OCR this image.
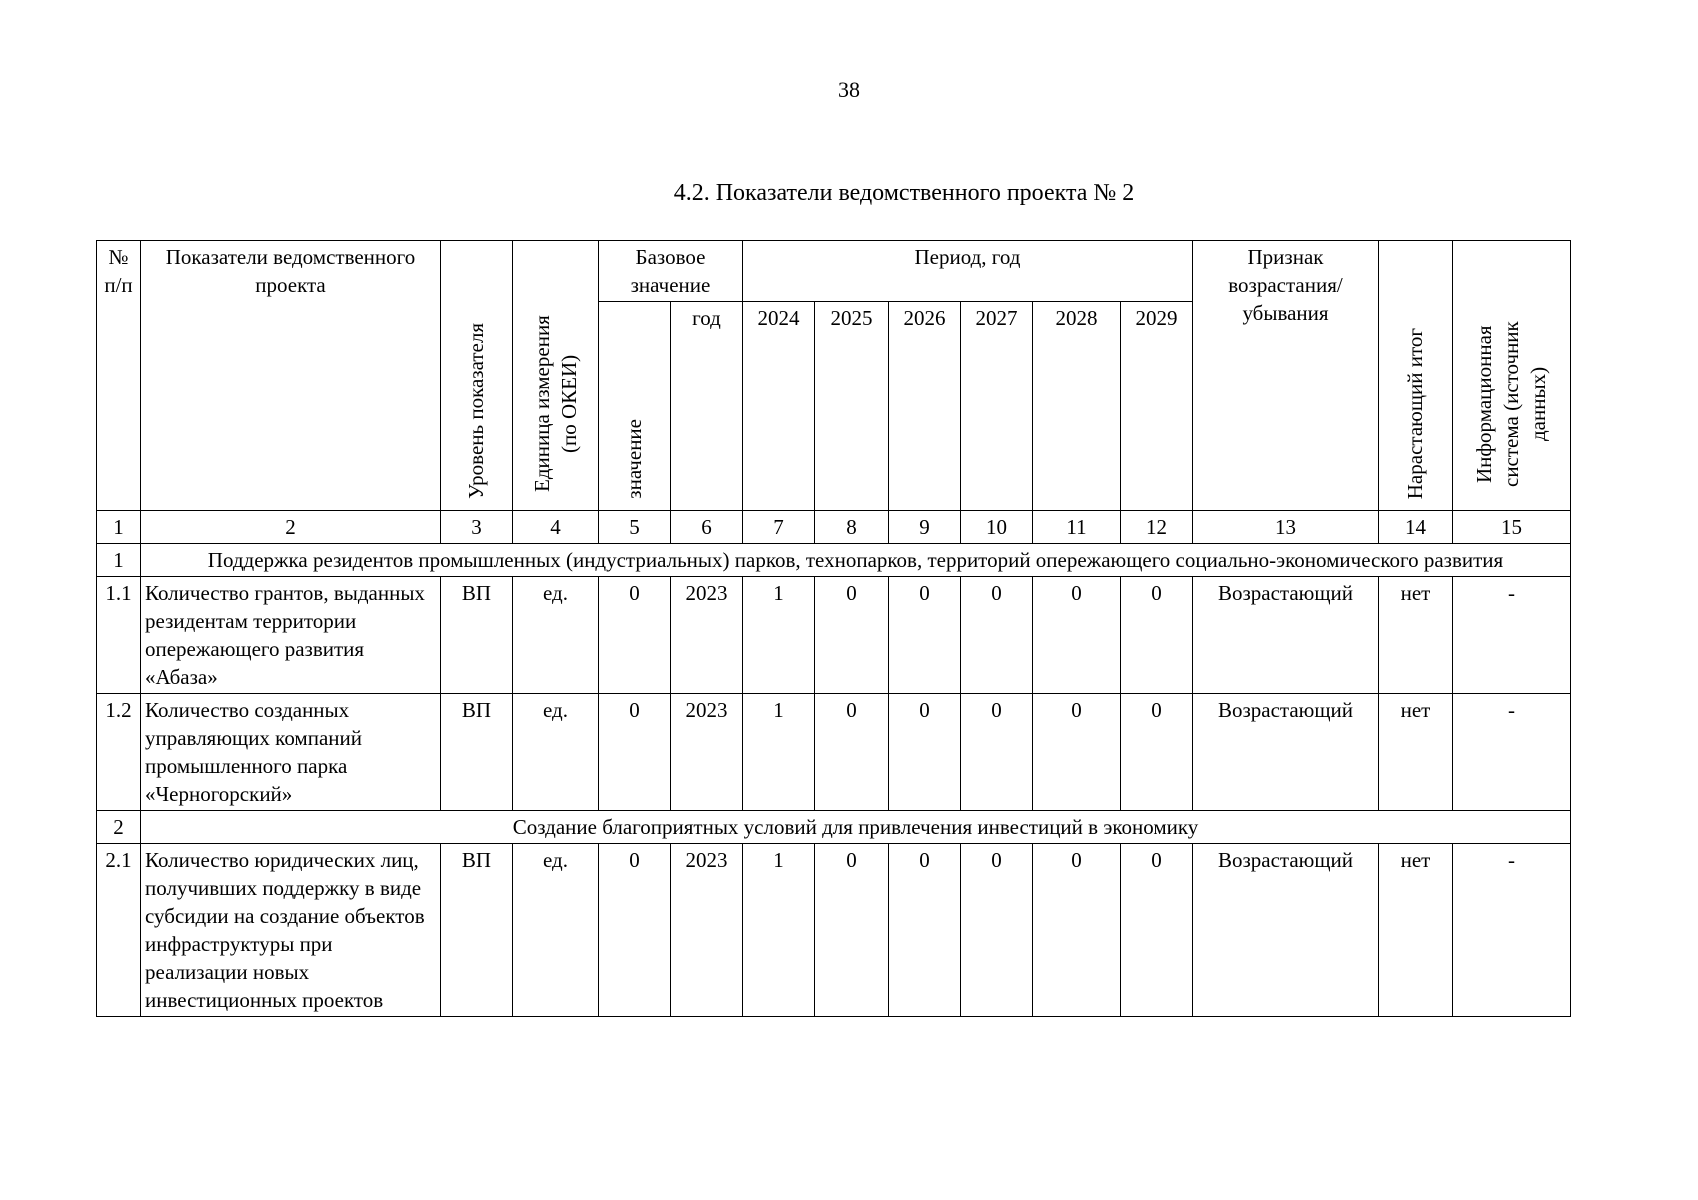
38
4.2. Показатели ведомственного проекта № 2
№ п/п	Показатели ведомственного проекта	Уровень показателя	Единица измерения (по ОКЕИ)	Базовое значение		Период, год						Признак возрастания/ убывания	Нарастающий итог	Информационная система (источник данных)
				значение	год	2024	2025	2026	2027	2028	2029			
1	2	3	4	5	6	7	8	9	10	11	12	13	14	15
1	Поддержка резидентов промышленных (индустриальных) парков, технопарков, территорий опережающего социально-экономического развития													
1.1	Количество грантов, выданных резидентам территории опережающего развития «Абаза»	ВП	ед.	0	2023	1	0	0	0	0	0	Возрастающий	нет	-
1.2	Количество созданных управляющих компаний промышленного парка «Черногорский»	ВП	ед.	0	2023	1	0	0	0	0	0	Возрастающий	нет	-
2	Создание благоприятных условий для привлечения инвестиций в экономику													
2.1	Количество юридических лиц, получивших поддержку в виде субсидии на создание объектов инфраструктуры при реализации новых инвестиционных проектов	ВП	ед.	0	2023	1	0	0	0	0	0	Возрастающий	нет	-
